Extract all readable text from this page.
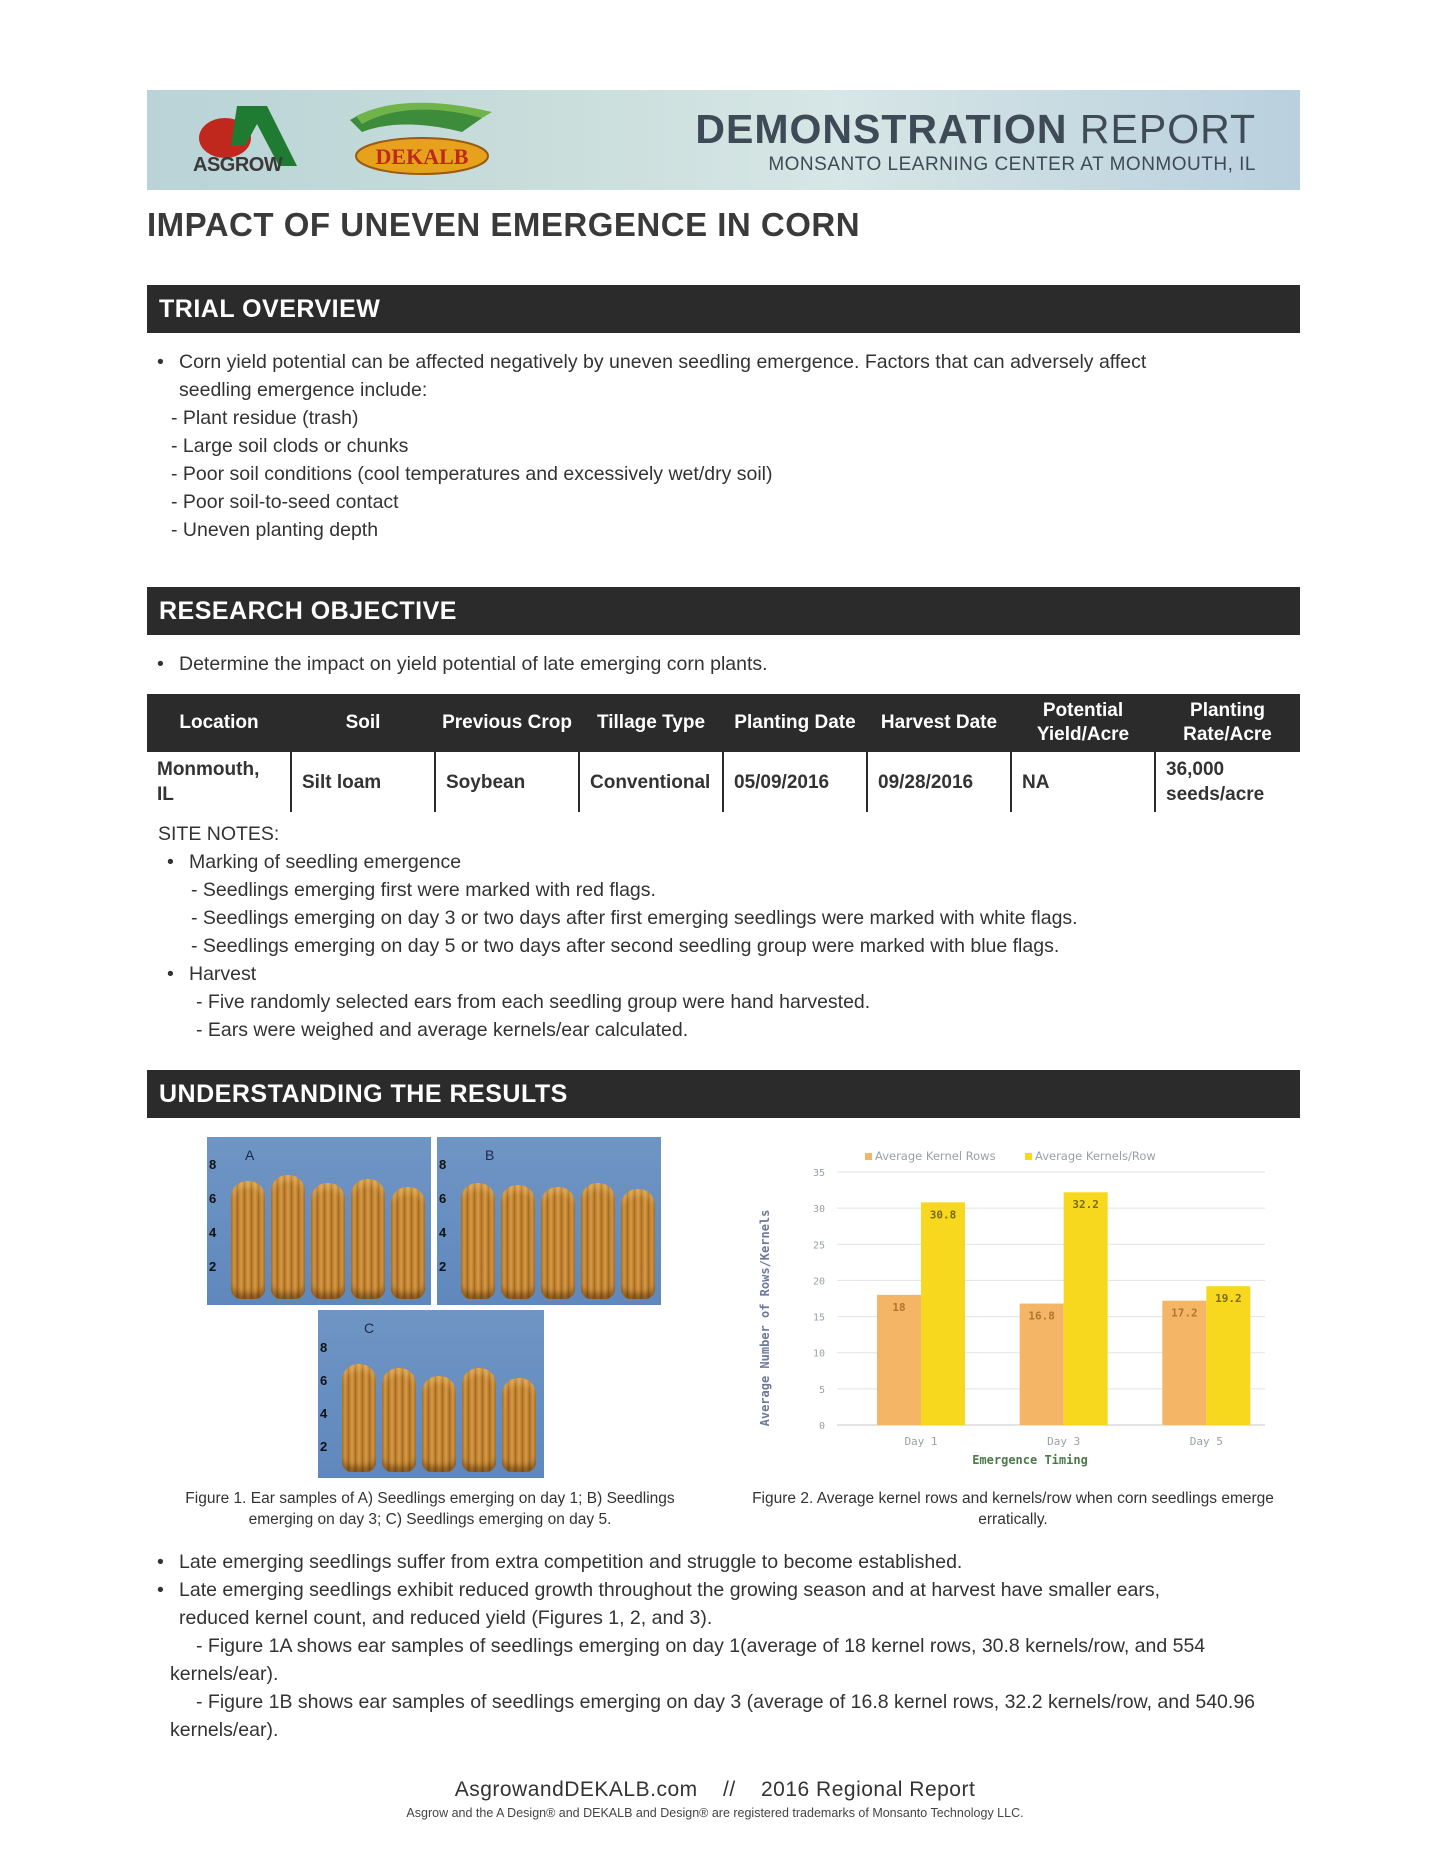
ASGROW	DEKALB
DEMONSTRATION REPORT
MONSANTO LEARNING CENTER AT MONMOUTH, IL
IMPACT OF UNEVEN EMERGENCE IN CORN
TRIAL OVERVIEW
• Corn yield potential can be affected negatively by uneven seedling emergence. Factors that can adversely affect
seedling emergence include:
- Plant residue (trash)
- Large soil clods or chunks
- Poor soil conditions (cool temperatures and excessively wet/dry soil)
- Poor soil-to-seed contact
- Uneven planting depth
RESEARCH OBJECTIVE
• Determine the impact on yield potential of late emerging corn plants.
Location	Soil	Previous Crop	Tillage Type	Planting Date	Harvest Date	Potential Yield/Acre	Planting Rate/Acre
Monmouth, IL	Silt loam	Soybean	Conventional	05/09/2016	09/28/2016	NA	36,000 seeds/acre
SITE NOTES:
• Marking of seedling emergence
- Seedlings emerging first were marked with red flags.
- Seedlings emerging on day 3 or two days after first emerging seedlings were marked with white flags.
- Seedlings emerging on day 5 or two days after second seedling group were marked with blue flags.
• Harvest
- Five randomly selected ears from each seedling group were hand harvested.
- Ears were weighed and average kernels/ear calculated.
UNDERSTANDING THE RESULTS
A
8
6
4
2
B
8
6
4
2
C
8
6
4
2
Figure 1. Ear samples of A) Seedlings emerging on day 1; B) Seedlings
emerging on day 3; C) Seedlings emerging on day 5.
Average Kernel Rows	Average Kernels/Row
0
5
10
15
20
25
30
35
18
30.8
16.8
32.2
17.2
19.2
Day 1	Day 3	Day 5
Average Number of Rows/Kernels
Emergence Timing
Figure 2. Average kernel rows and kernels/row when corn seedlings emerge
erratically.
• Late emerging seedlings suffer from extra competition and struggle to become established.
• Late emerging seedlings exhibit reduced growth throughout the growing season and at harvest have smaller ears,
reduced kernel count, and reduced yield (Figures 1, 2, and 3).
- Figure 1A shows ear samples of seedlings emerging on day 1(average of 18 kernel rows, 30.8 kernels/row, and 554
kernels/ear).
- Figure 1B shows ear samples of seedlings emerging on day 3 (average of 16.8 kernel rows, 32.2 kernels/row, and 540.96
kernels/ear).
AsgrowandDEKALB.com // 2016 Regional Report
Asgrow and the A Design® and DEKALB and Design® are registered trademarks of Monsanto Technology LLC.
